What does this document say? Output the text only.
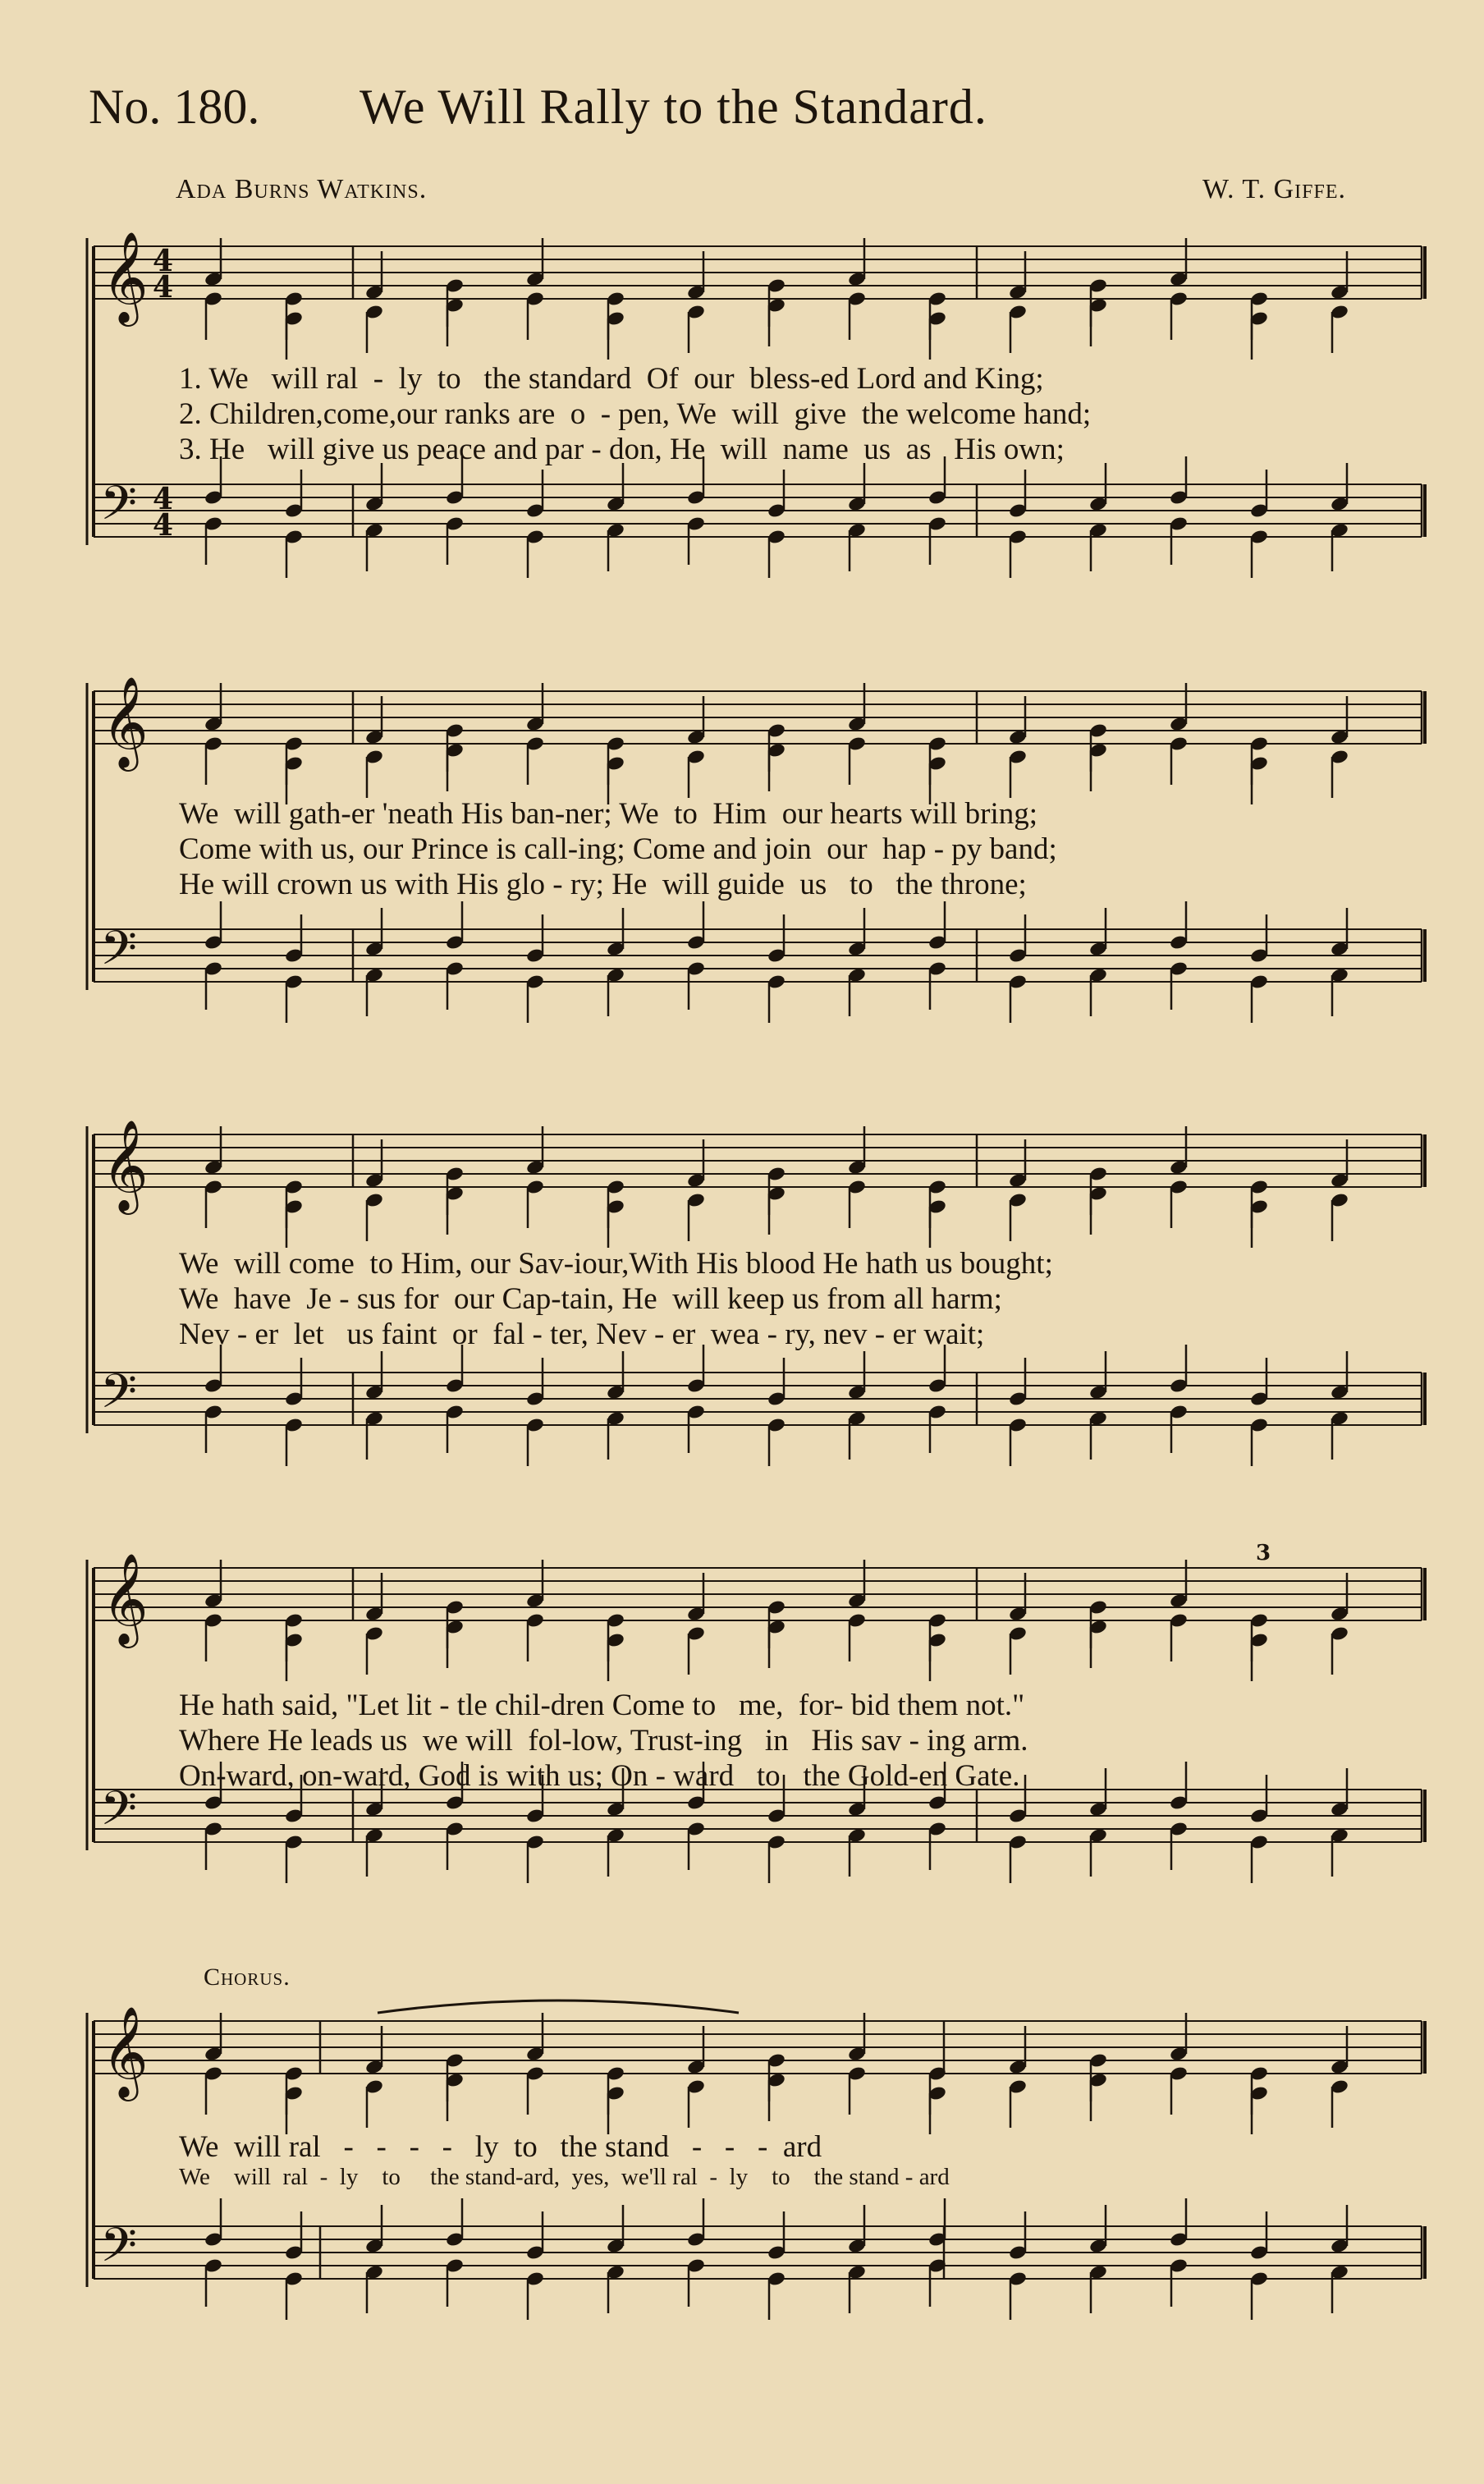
No. 180. We Will Rally to the Standard.
Ada Burns Watkins.	W. T. Giffe.
𝄞
𝄢
4
4
4
4
1. We   will ral  -  ly  to   the standard  Of  our  bless-ed Lord and King;
2. Children,come,our ranks are  o  - pen, We  will  give  the welcome hand;
3. He   will give us peace and par - don, He  will  name  us  as   His own;
𝄞
𝄢
We  will gath-er 'neath His ban-ner; We  to  Him  our hearts will bring;
Come with us, our Prince is call-ing; Come and join  our  hap - py band;
He will crown us with His glo - ry; He  will guide  us   to   the throne;
𝄞
𝄢
We  will come  to Him, our Sav-iour,With His blood He hath us bought;
We  have  Je - sus for  our Cap-tain, He  will keep us from all harm;
Nev - er  let   us faint  or  fal - ter, Nev - er  wea - ry, nev - er wait;
𝄞
𝄢
3
He hath said, "Let lit - tle chil-dren Come to   me,  for- bid them not."
Where He leads us  we will  fol-low, Trust-ing   in   His sav - ing arm.
On-ward, on-ward, God is with us; On - ward   to   the Gold-en Gate.
Chorus.
𝄞
𝄢
We  will ral   -   -   -   -   ly  to   the stand   -   -   -  ard
We    will  ral  -  ly    to     the stand-ard,  yes,  we'll ral  -  ly    to    the stand - ard
